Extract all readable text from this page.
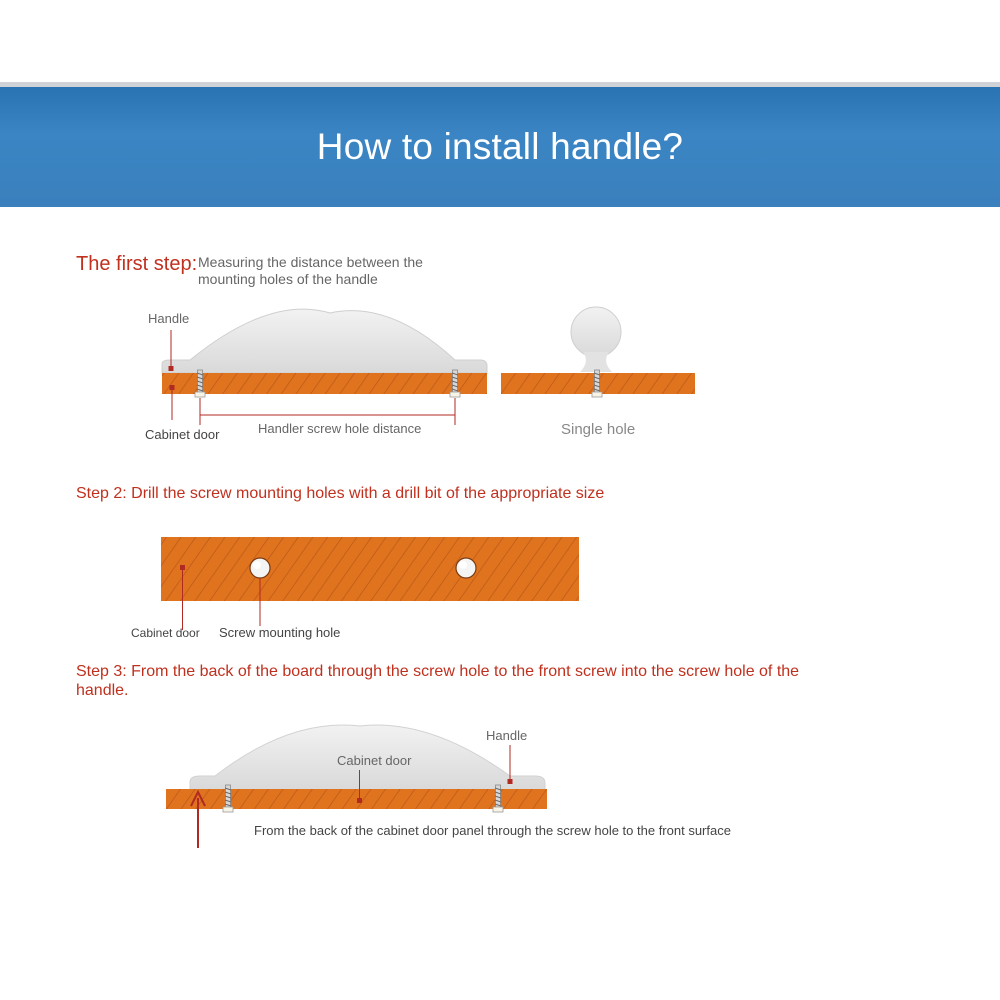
How to install handle?
The first step: Measuring the distance between the mounting holes of the handle
Handle
Cabinet door	Handler screw hole distance	Single hole
Step 2: Drill the screw mounting holes with a drill bit of the appropriate size
Cabinet door Screw mounting hole
Step 3: From the back of the board through the screw hole to the front screw into the screw hole of the handle.
Handle
Cabinet door
From the back of the cabinet door panel through the screw hole to the front surface
